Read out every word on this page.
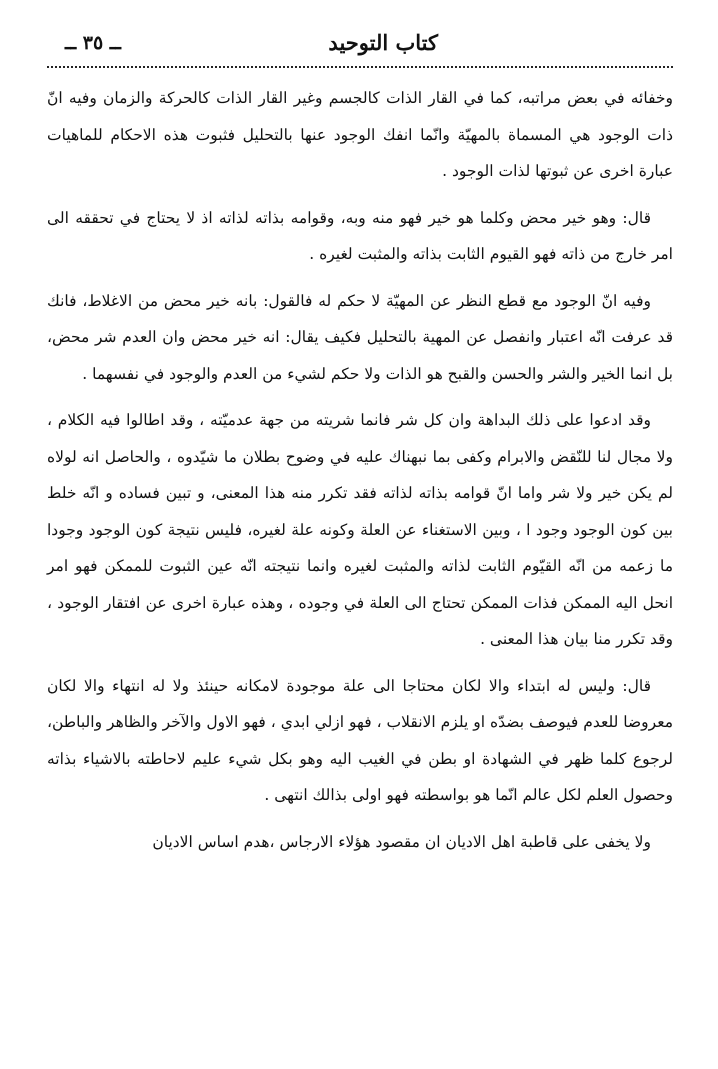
كتاب التوحيد
ــ ٣٥ ــ

وخفائه في بعض مراتبه، كما في القار الذات كالجسم وغير القار الذات كالحركة والزمان وفيه انّ ذات الوجود هي المسماة بالمهيّة وانّما انفك الوجود عنها بالتحليل فثبوت هذه الاحكام للماهيات عبارة اخرى عن ثبوتها لذات الوجود .

قال: وهو خير محض وكلما هو خير فهو منه وبه، وقوامه بذاته لذاته اذ لا يحتاج في تحققه الى امر خارج من ذاته فهو القيوم الثابت بذاته والمثبت لغيره .

وفيه انّ الوجود مع قطع النظر عن المهيّة لا حكم له فالقول: بانه خير محض من الاغلاط، فانك قد عرفت انّه اعتبار وانفصل عن المهية بالتحليل فكيف يقال: انه خير محض وان العدم شر محض، بل انما الخير والشر والحسن والقبح هو الذات ولا حكم لشيء من العدم والوجود في نفسهما .

وقد ادعوا على ذلك البداهة وان كل شر فانما شريته من جهة عدميّته ، وقد اطالوا فيه الكلام ، ولا مجال لنا للنّقض والابرام وكفى بما نبهناك عليه في وضوح بطلان ما شيّدوه ، والحاصل انه لولاه لم يكن خير ولا شر واما انّ قوامه بذاته لذاته فقد تكرر منه هذا المعنى، و تبين فساده و انّه خلط بين كون الوجود وجود ا ، وبين الاستغناء عن العلة وكونه علة لغيره، فليس نتيجة كون الوجود وجودا ما زعمه من انّه القيّوم الثابت لذاته والمثبت لغيره وانما نتيجته انّه عين الثبوت للممكن فهو امر انحل اليه الممكن فذات الممكن تحتاج الى العلة في وجوده ، وهذه عبارة اخرى عن افتقار الوجود ، وقد تكرر منا بيان هذا المعنى .

قال: وليس له ابتداء والا لكان محتاجا الى علة موجودة لامكانه حينئذ ولا له انتهاء والا لكان معروضا للعدم فيوصف بضدّه او يلزم الانقلاب ، فهو ازلي ابدي ، فهو الاول والآخر والظاهر والباطن، لرجوع كلما ظهر في الشهادة او بطن في الغيب اليه وهو بكل شيء عليم لاحاطته بالاشياء بذاته وحصول العلم لكل عالم انّما هو بواسطته فهو اولى بذالك انتهى .

ولا يخفى على قاطبة اهل الاديان ان مقصود هؤلاء الارجاس ،هدم اساس الاديان
